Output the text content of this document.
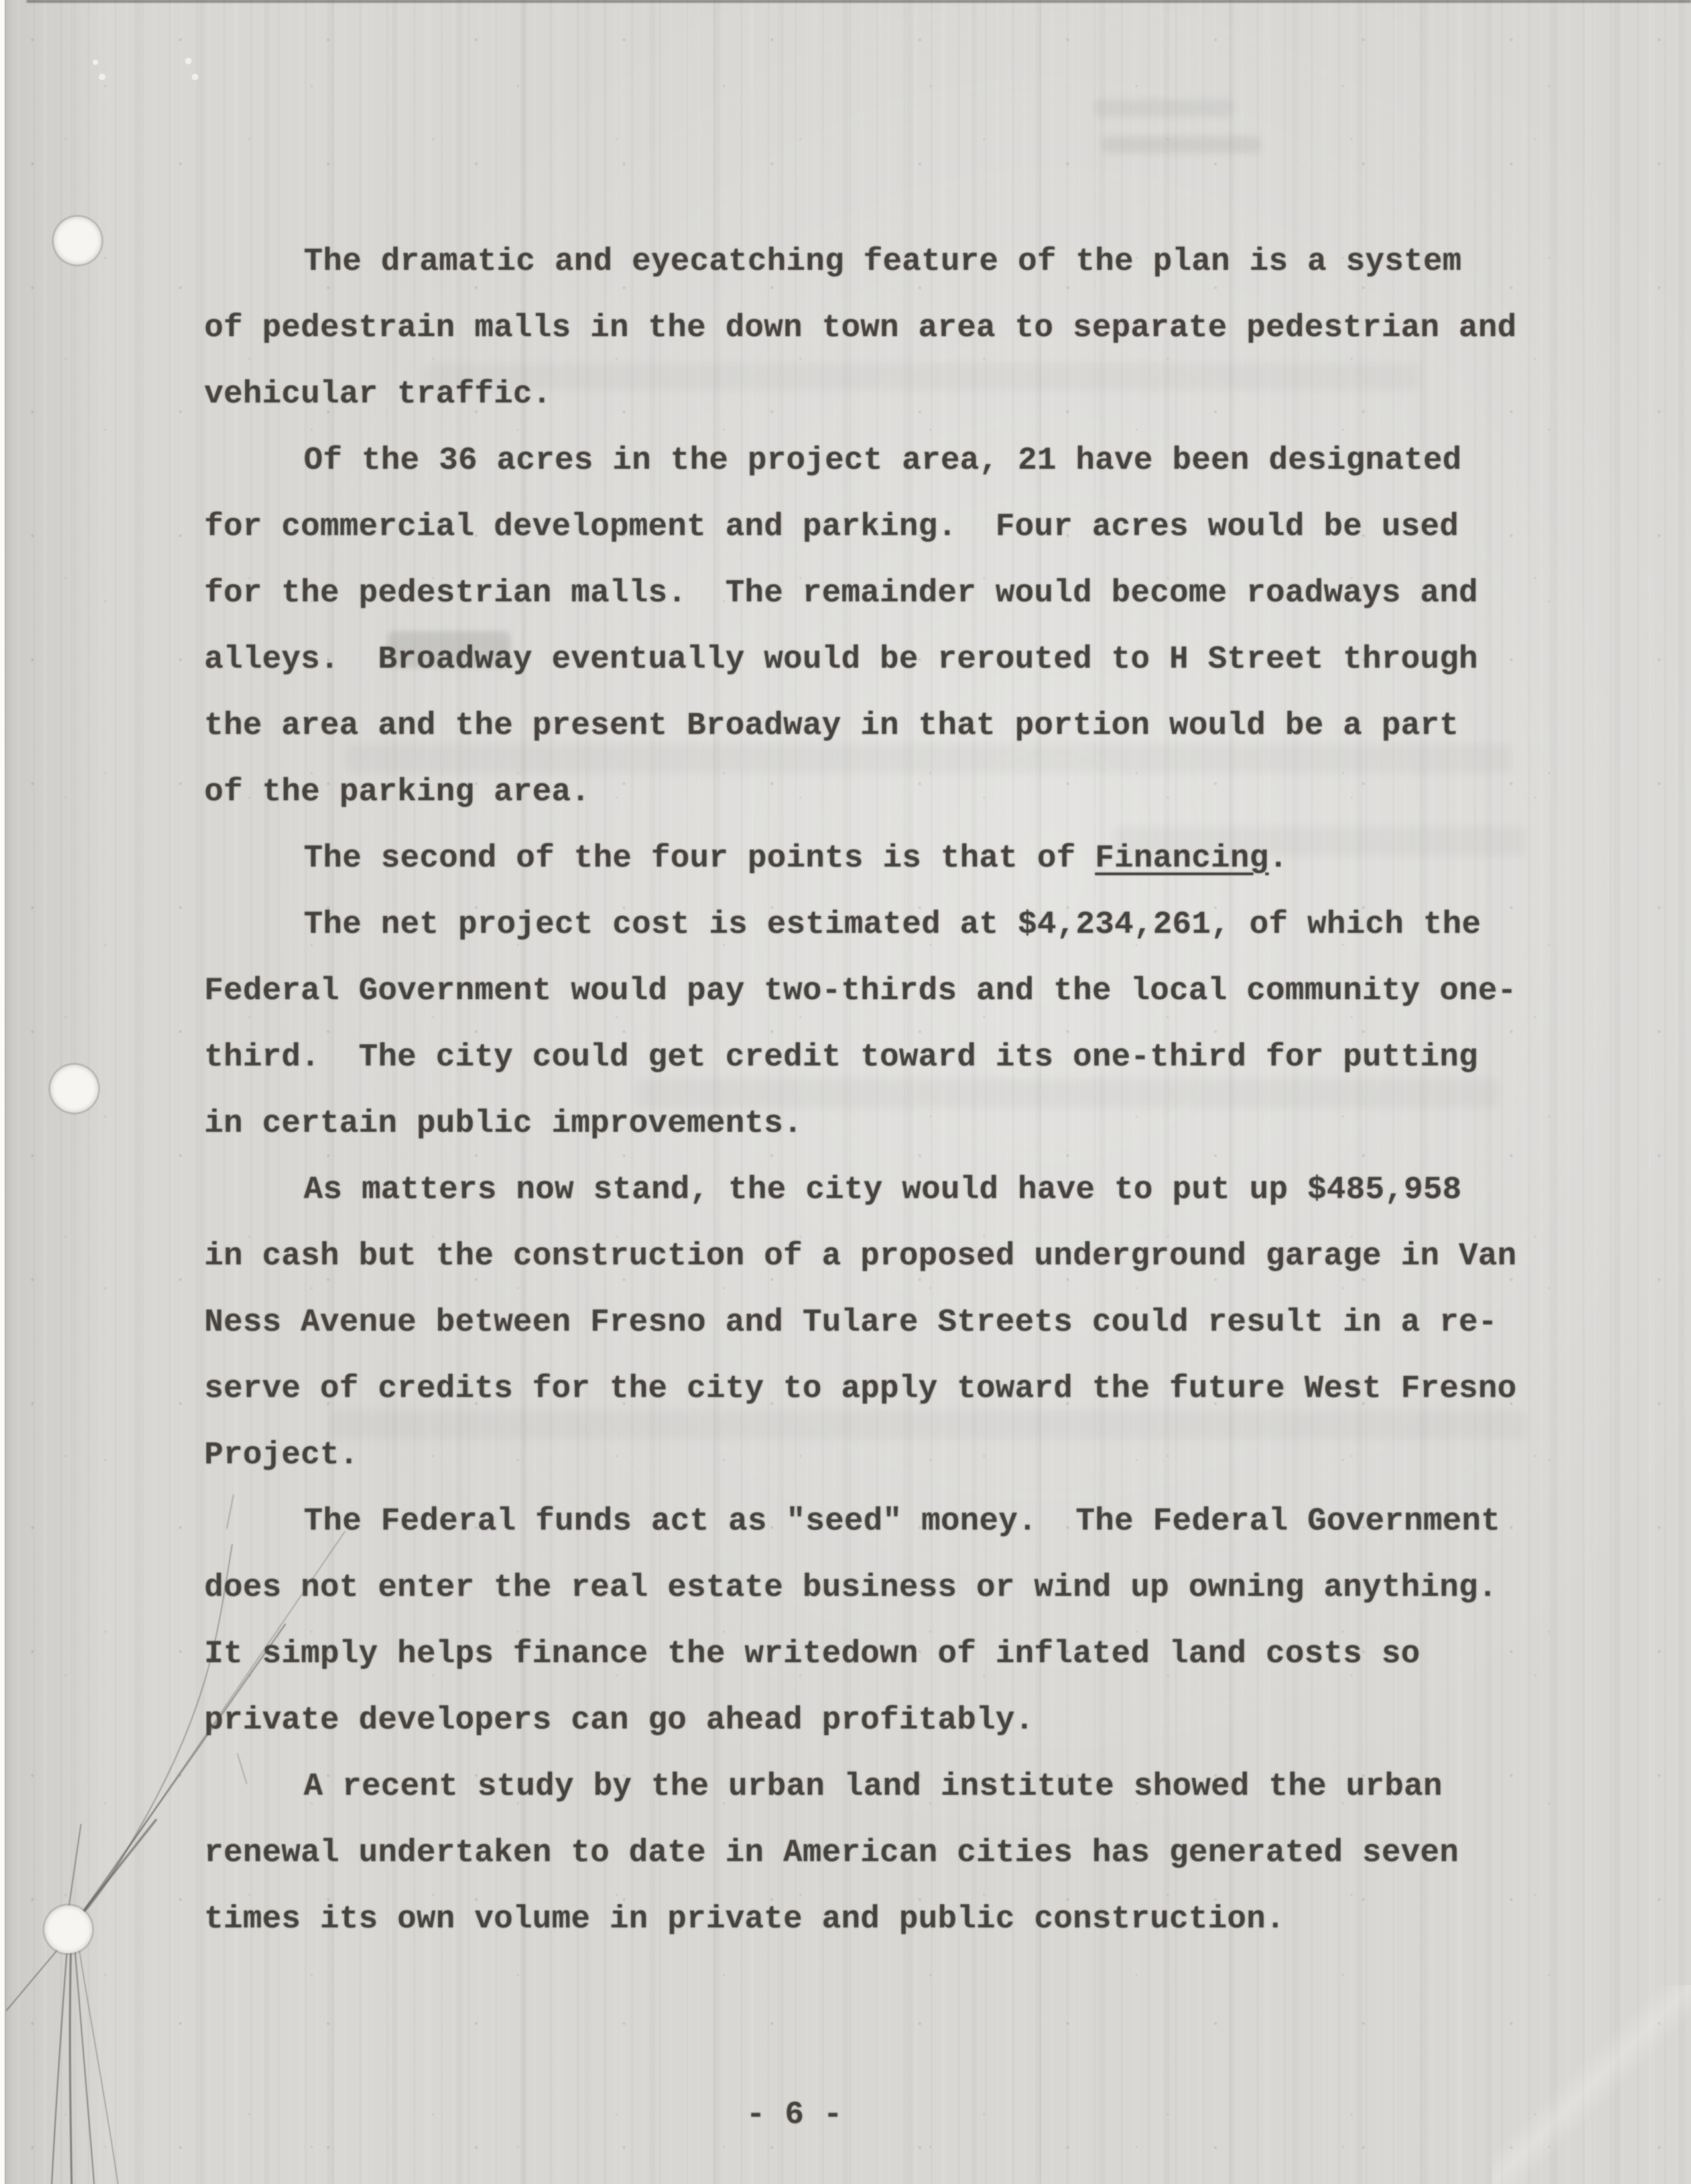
The dramatic and eyecatching feature of the plan is a system
of pedestrain malls in the down town area to separate pedestrian and
vehicular traffic.
Of the 36 acres in the project area, 21 have been designated
for commercial development and parking.  Four acres would be used
for the pedestrian malls.  The remainder would become roadways and
alleys.  Broadway eventually would be rerouted to H Street through
the area and the present Broadway in that portion would be a part
of the parking area.
The second of the four points is that of Financing.
The net project cost is estimated at $4,234,261, of which the
Federal Government would pay two-thirds and the local community one-
third.  The city could get credit toward its one-third for putting
in certain public improvements.
As matters now stand, the city would have to put up $485,958
in cash but the construction of a proposed underground garage in Van
Ness Avenue between Fresno and Tulare Streets could result in a re-
serve of credits for the city to apply toward the future West Fresno
Project.
The Federal funds act as "seed" money.  The Federal Government
does not enter the real estate business or wind up owning anything.
It simply helps finance the writedown of inflated land costs so
private developers can go ahead profitably.
A recent study by the urban land institute showed the urban
renewal undertaken to date in American cities has generated seven
times its own volume in private and public construction.
- 6 -
